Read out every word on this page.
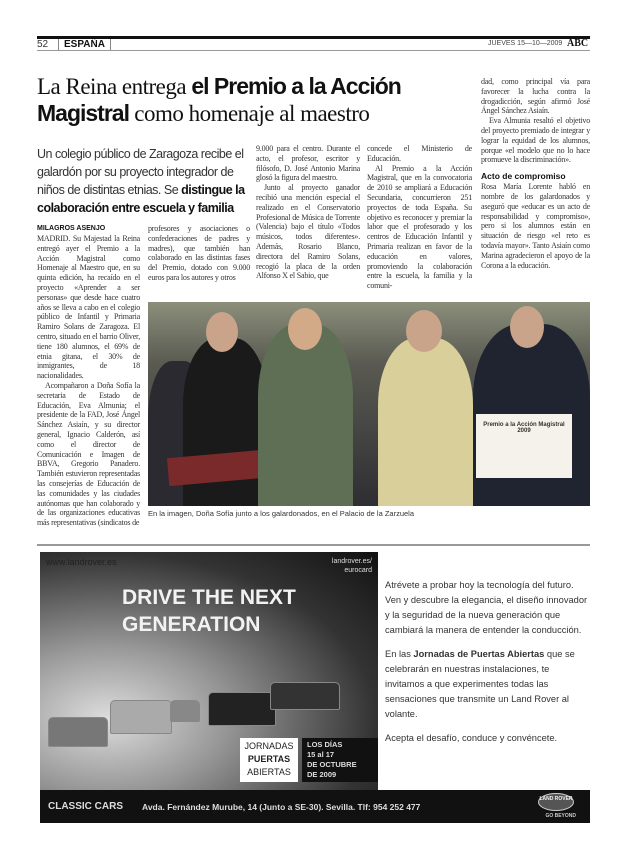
52	ESPAÑA	JUEVES 15—10—2009 ABC
La Reina entrega el Premio a la Acción Magistral como homenaje al maestro
Un colegio público de Zaragoza recibe el galardón por su proyecto integrador de niños de distintas etnias. Se distingue la colaboración entre escuela y familia
MILAGROS ASENJO

MADRID. Su Majestad la Reina entregó ayer el Premio a la Acción Magistral como Homenaje al Maestro que, en su quinta edición, ha recaído en el proyecto «Aprender a ser personas» que desde hace cuatro años se lleva a cabo en el colegio público de Infantil y Primaria Ramiro Solans de Zaragoza. El centro, situado en el barrio Oliver, tiene 180 alumnos, el 69% de etnia gitana, el 30% de inmigrantes, de 18 nacionalidades.

Acompañaron a Doña Sofía la secretaria de Estado de Educación, Eva Almunia; el presidente de la FAD, José Ángel Sánchez Asiaín, y su director general, Ignacio Calderón, así como el director de Comunicación e Imagen de BBVA, Gregorio Panadero. También estuvieron representadas las consejerías de Educación de las comunidades y las ciudades autónomas que han colaborado y de las organizaciones educativas más representativas (sindicatos de

profesores y asociaciones o confederaciones de padres y madres), que también han colaborado en las distintas fases del Premio, dotado con 9.000 euros para los autores y otros

9.000 para el centro. Durante el acto, el profesor, escritor y filósofo, D. José Antonio Marina glosó la figura del maestro.

Junto al proyecto ganador recibió una mención especial el realizado en el Conservatorio Profesional de Música de Torrente (Valencia) bajo el título «Todos músicos, todos diferentes». Además, Rosario Blanco, directora del Ramiro Solans, recogió la placa de la orden Alfonso X el Sabio, que

concede el Ministerio de Educación.

Al Premio a la Acción Magistral, que en la convocatoria de 2010 se ampliará a Educación Secundaria, concurrieron 251 proyectos de toda España. Su objetivo es reconocer y premiar la labor que el profesorado y los centros de Educación Infantil y Primaria realizan en favor de la educación en valores, promoviendo la colaboración entre la escuela, la familia y la comuni-

dad, como principal vía para favorecer la lucha contra la drogadicción, según afirmó José Ángel Sánchez Asiaín.

Eva Almunia resaltó el objetivo del proyecto premiado de integrar y lograr la equidad de los alumnos, porque «el modelo que no lo hace promueve la discriminación».

Acto de compromiso

Rosa María Lorente habló en nombre de los galardonados y aseguró que «educar es un acto de responsabilidad y compromiso», pero si los alumnos están en situación de riesgo «el reto es todavía mayor». Tanto Asiaín como Marina agradecieron el apoyo de la Corona a la educación.

Premio a la Acción Magistral 2009
En la imagen, Doña Sofía junto a los galardonados, en el Palacio de la Zarzuela
www.landrover.es	landrover.es/ eurocard
DRIVE THE NEXT GENERATION
JORNADAS
PUERTAS
ABIERTAS
LOS DÍAS
15 al 17
DE OCTUBRE
DE 2009

Atrévete a probar hoy la tecnología del futuro. Ven y descubre la elegancia, el diseño innovador y la seguridad de la nueva generación que cambiará la manera de entender la conducción.

En las Jornadas de Puertas Abiertas que se celebrarán en nuestras instalaciones, te invitamos a que experimentes todas las sensaciones que transmite un Land Rover al volante.

Acepta el desafío, conduce y convéncete.

CLASSIC CARS Avda. Fernández Murube, 14 (Junto a SE-30). Sevilla. Tlf: 954 252 477
LAND ROVER
GO BEYOND
